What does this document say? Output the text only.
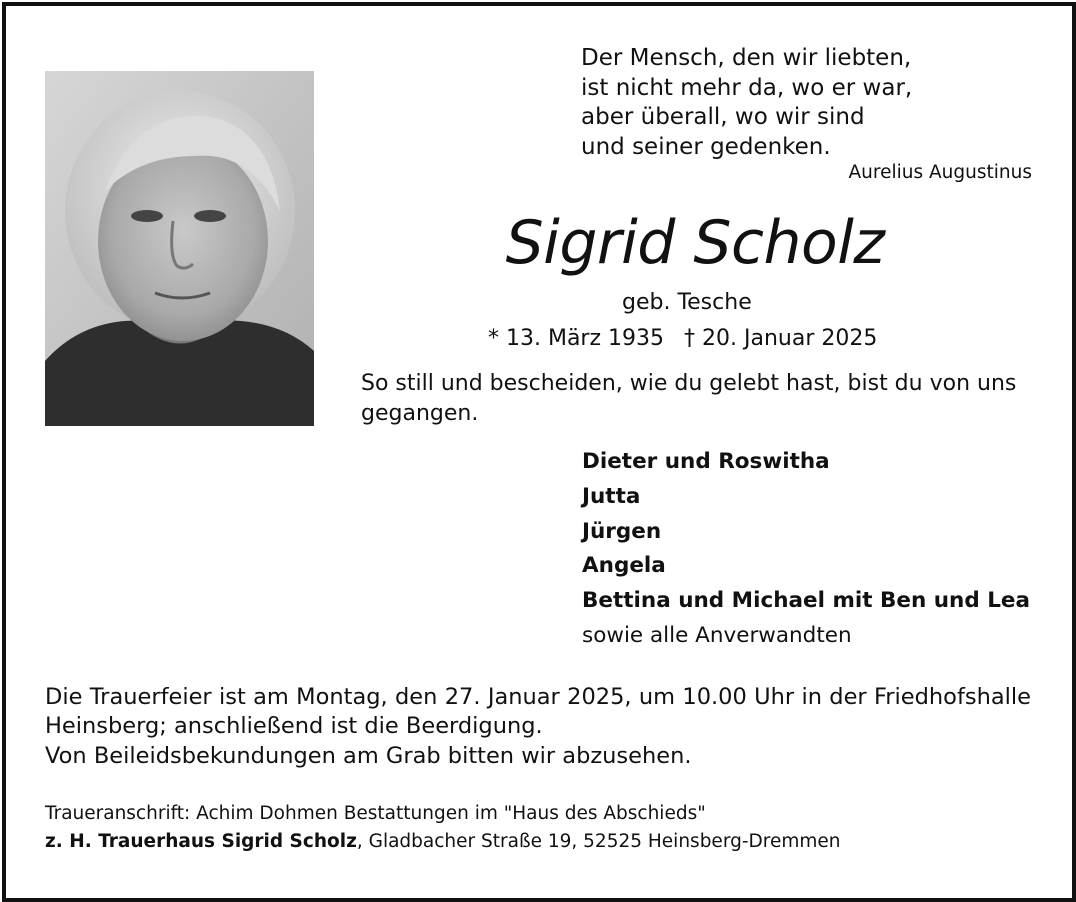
Der Mensch, den wir liebten,
ist nicht mehr da, wo er war,
aber überall, wo wir sind
und seiner gedenken.
Aurelius Augustinus
Sigrid Scholz
geb. Tesche
* 13. März 1935 † 20. Januar 2025
So still und bescheiden, wie du gelebt hast, bist du von uns gegangen.
Dieter und Roswitha
Jutta
Jürgen
Angela
Bettina und Michael mit Ben und Lea
sowie alle Anverwandten
Die Trauerfeier ist am Montag, den 27. Januar 2025, um 10.00 Uhr in der Friedhofshalle Heinsberg; anschließend ist die Beerdigung.
Von Beileidsbekundungen am Grab bitten wir abzusehen.
Traueranschrift: Achim Dohmen Bestattungen im "Haus des Abschieds"
z. H. Trauerhaus Sigrid Scholz, Gladbacher Straße 19, 52525 Heinsberg-Dremmen
